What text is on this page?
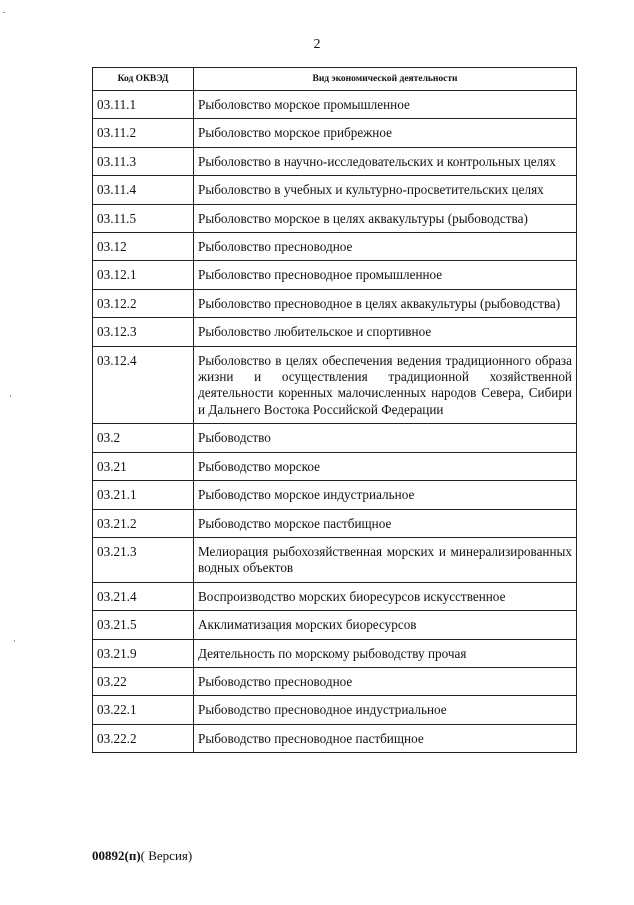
2
Код ОКВЭД	Вид экономической деятельности
03.11.1	Рыболовство морское промышленное
03.11.2	Рыболовство морское прибрежное
03.11.3	Рыболовство в научно-исследовательских и контрольных целях
03.11.4	Рыболовство в учебных и культурно-просветительских целях
03.11.5	Рыболовство морское в целях аквакультуры (рыбоводства)
03.12	Рыболовство пресноводное
03.12.1	Рыболовство пресноводное промышленное
03.12.2	Рыболовство пресноводное в целях аквакультуры (рыбоводства)
03.12.3	Рыболовство любительское и спортивное
03.12.4	Рыболовство в целях обеспечения ведения традиционного образа жизни и осуществления традиционной хозяйственной деятельности коренных малочисленных народов Севера, Сибири и Дальнего Востока Российской Федерации
03.2	Рыбоводство
03.21	Рыбоводство морское
03.21.1	Рыбоводство морское индустриальное
03.21.2	Рыбоводство морское пастбищное
03.21.3	Мелиорация рыбохозяйственная морских и минерализированных водных объектов
03.21.4	Воспроизводство морских биоресурсов искусственное
03.21.5	Акклиматизация морских биоресурсов
03.21.9	Деятельность по морскому рыбоводству прочая
03.22	Рыбоводство пресноводное
03.22.1	Рыбоводство пресноводное индустриальное
03.22.2	Рыбоводство пресноводное пастбищное
00892(п)( Версия)
